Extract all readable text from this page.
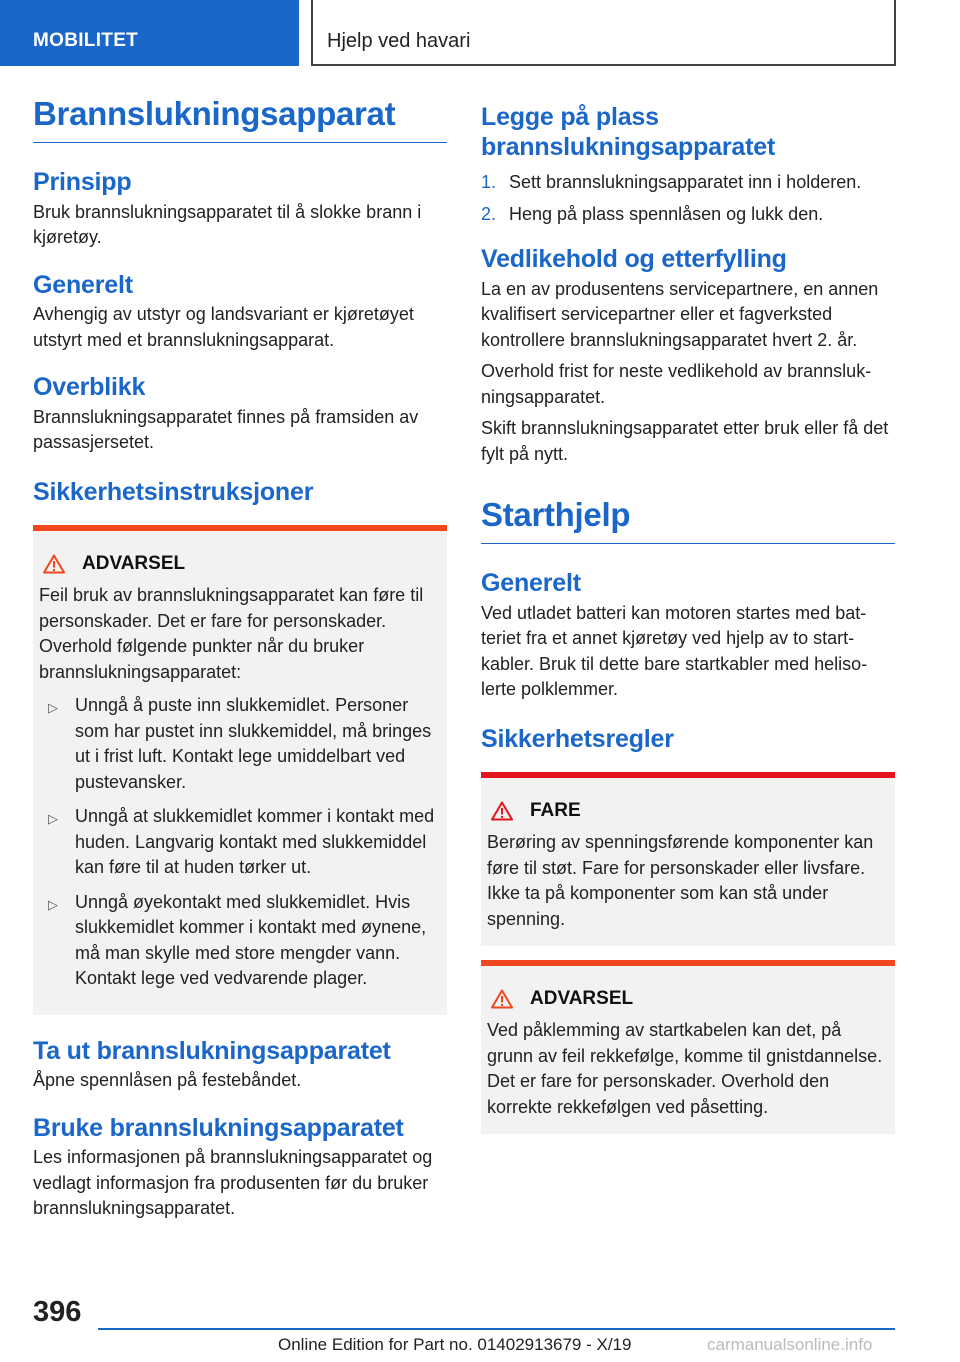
MOBILITET	Hjelp ved havari
Brannslukningsapparat
Prinsipp

Bruk brannslukningsapparatet til å slokke brann i kjøretøy.

Generelt

Avhengig av utstyr og landsvariant er kjøretøyet utstyrt med et brannslukningsapparat.

Overblikk

Brannslukningsapparatet finnes på framsiden av passasjersetet.

Sikkerhetsinstruksjoner
ADVARSEL

Feil bruk av brannslukningsapparatet kan føre til personskader. Det er fare for personskader. Overhold følgende punkter når du bruker brannslukningsapparatet:

▷ Unngå å puste inn slukkemidlet. Personer som har pustet inn slukkemiddel, må bringes ut i frist luft. Kontakt lege umiddelbart ved pustevansker.
▷ Unngå at slukkemidlet kommer i kontakt med huden. Langvarig kontakt med slukkemiddel kan føre til at huden tørker ut.
▷ Unngå øyekontakt med slukkemidlet. Hvis slukkemidlet kommer i kontakt med øynene, må man skylle med store mengder vann. Kontakt lege ved vedvarende plager.
Ta ut brannslukningsapparatet

Åpne spennlåsen på festebåndet.

Bruke brannslukningsapparatet

Les informasjonen på brannslukningsapparatet og vedlagt informasjon fra produsenten før du bruker brannslukningsapparatet.

Legge på plass brannslukningsapparatet
1. Sett brannslukningsapparatet inn i holderen.
2. Heng på plass spennlåsen og lukk den.
Vedlikehold og etterfylling

La en av produsentens servicepartnere, en annen kvalifisert servicepartner eller et fagverksted kontrollere brannslukningsapparatet hvert 2. år.

Overhold frist for neste vedlikehold av brannslukningsapparatet.

Skift brannslukningsapparatet etter bruk eller få det fylt på nytt.

Starthjelp
Generelt

Ved utladet batteri kan motoren startes med batteriet fra et annet kjøretøy ved hjelp av to startkabler. Bruk til dette bare startkabler med helisolerte polklemmer.

Sikkerhetsregler
FARE

Berøring av spenningsførende komponenter kan føre til støt. Fare for personskader eller livsfare. Ikke ta på komponenter som kan stå under spenning.

ADVARSEL

Ved påklemming av startkabelen kan det, på grunn av feil rekkefølge, komme til gnistdannelse. Det er fare for personskader. Overhold den korrekte rekkefølgen ved påsetting.

396
Online Edition for Part no. 01402913679 - X/19	carmanualsonline.info
